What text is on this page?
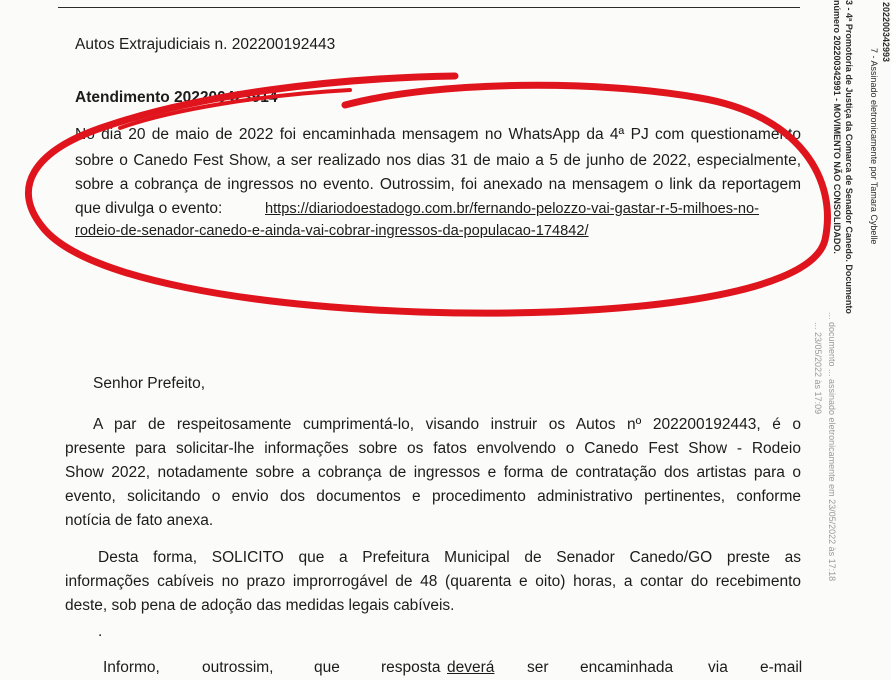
Autos Extrajudiciais n. 202200192443
Atendimento 202200423914
No dia 20 de maio de 2022 foi encaminhada mensagem no WhatsApp da 4ª PJ com questionamento
sobre o Canedo Fest Show, a ser realizado nos dias 31 de maio a 5 de junho de 2022, especialmente,
sobre a cobrança de ingressos no evento. Outrossim, foi anexado na mensagem o link da reportagem
que divulga o evento:	https://diariodoestadogo.com.br/fernando-pelozzo-vai-gastar-r-5-milhoes-no-
rodeio-de-senador-canedo-e-ainda-vai-cobrar-ingressos-da-populacao-174842/
Senhor Prefeito,
A par de respeitosamente cumprimentá-lo, visando instruir os Autos nº 202200192443, é o
presente para solicitar-lhe informações sobre os fatos envolvendo o Canedo Fest Show - Rodeio
Show 2022, notadamente sobre a cobrança de ingressos e forma de contratação dos artistas para o
evento, solicitando o envio dos documentos e procedimento administrativo pertinentes, conforme
notícia de fato anexa.
Desta forma, SOLICITO que a Prefeitura Municipal de Senador Canedo/GO preste as
informações cabíveis no prazo improrrogável de 48 (quarenta e oito) horas, a contar do recebimento
deste, sob pena de adoção das medidas legais cabíveis.
.
Informo,	outrossim,	que	resposta deverá ser encaminhada via e-mail
202200342993
7 - Assinado eletronicamente por Tamara Cybelle
3 - 4ª Promotoria de Justiça da Comarca de Senador Canedo. Documento
número 202200342991 - MOVIMENTO NÃO CONSOLIDADO.
... documento ... assinado eletronicamente em 23/05/2022 às 17:18
... 23/05/2022 às 17:09
